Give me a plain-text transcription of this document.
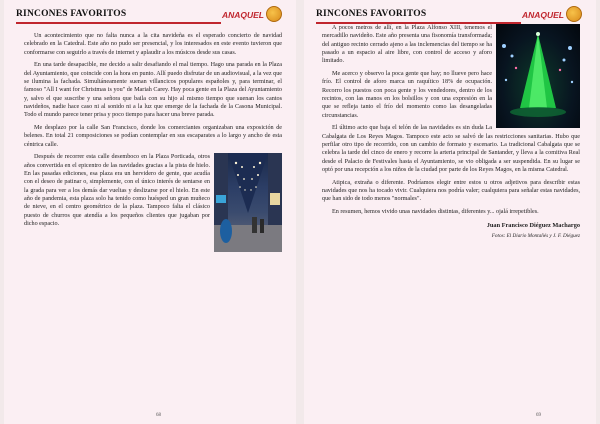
RINCONES FAVORITOS	ANAQUEL

Un acontecimiento que no falta nunca a la cita navideña es el esperado concierto de navidad celebrado en la Catedral. Este año no pudo ser presencial, y los interesados en este evento tuvieron que conformarse con seguirlo a través de internet y aplaudir a los músicos desde sus casas.

En una tarde desapacible, me decido a salir desafiando el mal tiempo. Hago una parada en la Plaza del Ayuntamiento, que coincide con la hora en punto. Allí puedo disfrutar de un audiovisual, a la vez que se ilumina la fachada. Simultáneamente suenan villancicos populares españoles y, para terminar, el famoso "All I want for Christmas is you" de Mariah Carey. Hay poca gente en la Plaza del Ayuntamiento y, salvo el que suscribe y una señora que baila con su hijo al mismo tiempo que suenan los cantos navideños, nadie hace caso ni al sonido ni a la luz que emerge de la fachada de la Casona Municipal. Todo el mundo parece tener prisa y poco tiempo para hacer una breve parada.

Me desplazo por la calle San Francisco, donde los comerciantes organizaban una exposición de belenes. En total 21 composiciones se podían contemplar en sus escaparates a lo largo y ancho de esta céntrica calle.

Después de recorrer esta calle desemboco en la Plaza Porticada, otros años convertida en el epicentro de las navidades gracias a la pista de hielo. En las pasadas ediciones, esa plaza era un hervidero de gente, que acudía con el deseo de patinar o, simplemente, con el único interés de sentarse en la grada para ver a los demás dar vueltas y deslizarse por el hielo. En este año de pandemia, esta plaza solo ha tenido como huésped un gran muñeco de nieve, en el centro geométrico de la plaza. Tampoco falta el clásico puesto de churros que atendía a los pequeños clientes que jugaban por dicho espacio.

68
RINCONES FAVORITOS	ANAQUEL

A pocos metros de allí, en la Plaza Alfonso XIII, tenemos el mercadillo navideño. Este año presenta una fisonomía transformada; del antiguo recinto cerrado ajeno a las inclemencias del tiempo se ha pasado a un espacio al aire libre, con control de acceso y aforo limitado.

Me acerco y observo la poca gente que hay; no llueve pero hace frío. El control de aforo marca un raquítico 18% de ocupación. Recorro los puestos con poca gente y los vendedores, dentro de los recintos, con las manos en los bolsillos y con una expresión en la que se refleja tanto el frío del momento como las desangeladas circunstancias.

El último acto que baja el telón de las navidades es sin duda La Cabalgata de Los Reyes Magos. Tampoco este acto se salvó de las restricciones sanitarias. Hubo que perfilar otro tipo de recorrido, con un cambio de formato y escenario. La tradicional Cabalgata que se celebra la tarde del cinco de enero y recorre la arteria principal de Santander, y lleva a la comitiva Real desde el Palacio de Festivales hasta el Ayuntamiento, se vio obligada a ser suspendida. En su lugar se optó por una recepción a los niños de la ciudad por parte de los Reyes Magos, en la misma Catedral.

Atipica, extraña o diferente. Podríamos elegir entre estos u otros adjetivos para describir estas navidades que nos ha tocado vivir. Cualquiera nos podría valer; cualquiera para señalar estas navidades, que han sido de todo menos "normales".

En resumen, hemos vivido unas navidades distintas, diferentes y... ojalá irrepetibles.

Juan Francisco Diéguez Machargo
Fotos: El Diario Montañés y J. F. Diéguez
69
